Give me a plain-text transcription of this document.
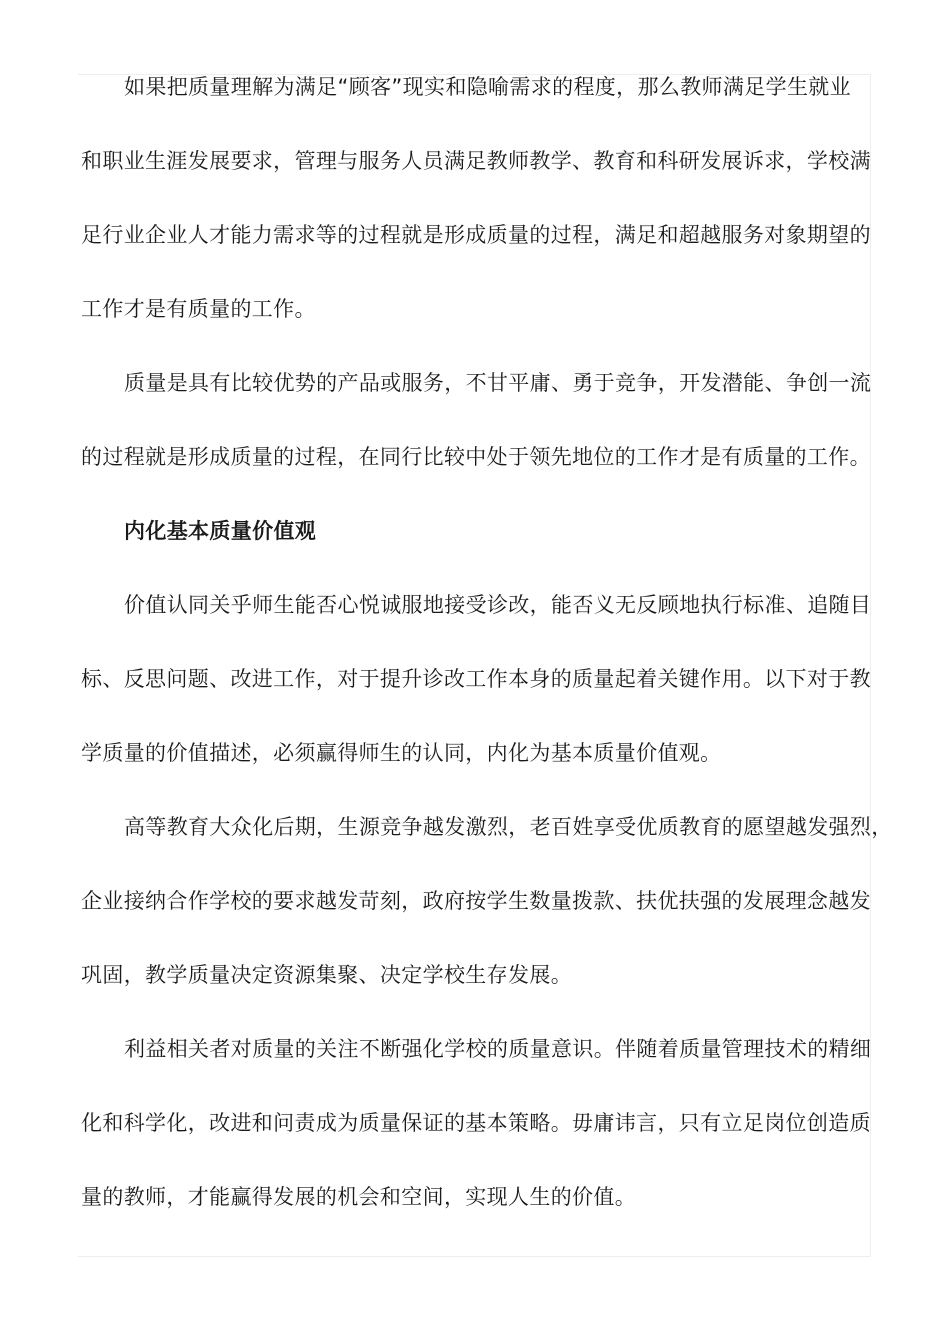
如果把质量理解为满足“顾客”现实和隐喻需求的程度，那么教师满足学生就业
和职业生涯发展要求，管理与服务人员满足教师教学、教育和科研发展诉求，学校满
足行业企业人才能力需求等的过程就是形成质量的过程，满足和超越服务对象期望的
工作才是有质量的工作。
质量是具有比较优势的产品或服务，不甘平庸、勇于竞争，开发潜能、争创一流
的过程就是形成质量的过程，在同行比较中处于领先地位的工作才是有质量的工作。
内化基本质量价值观
价值认同关乎师生能否心悦诚服地接受诊改，能否义无反顾地执行标准、追随目
标、反思问题、改进工作，对于提升诊改工作本身的质量起着关键作用。以下对于教
学质量的价值描述，必须赢得师生的认同，内化为基本质量价值观。
高等教育大众化后期，生源竞争越发激烈，老百姓享受优质教育的愿望越发强烈，
企业接纳合作学校的要求越发苛刻，政府按学生数量拨款、扶优扶强的发展理念越发
巩固，教学质量决定资源集聚、决定学校生存发展。
利益相关者对质量的关注不断强化学校的质量意识。伴随着质量管理技术的精细
化和科学化，改进和问责成为质量保证的基本策略。毋庸讳言，只有立足岗位创造质
量的教师，才能赢得发展的机会和空间，实现人生的价值。
